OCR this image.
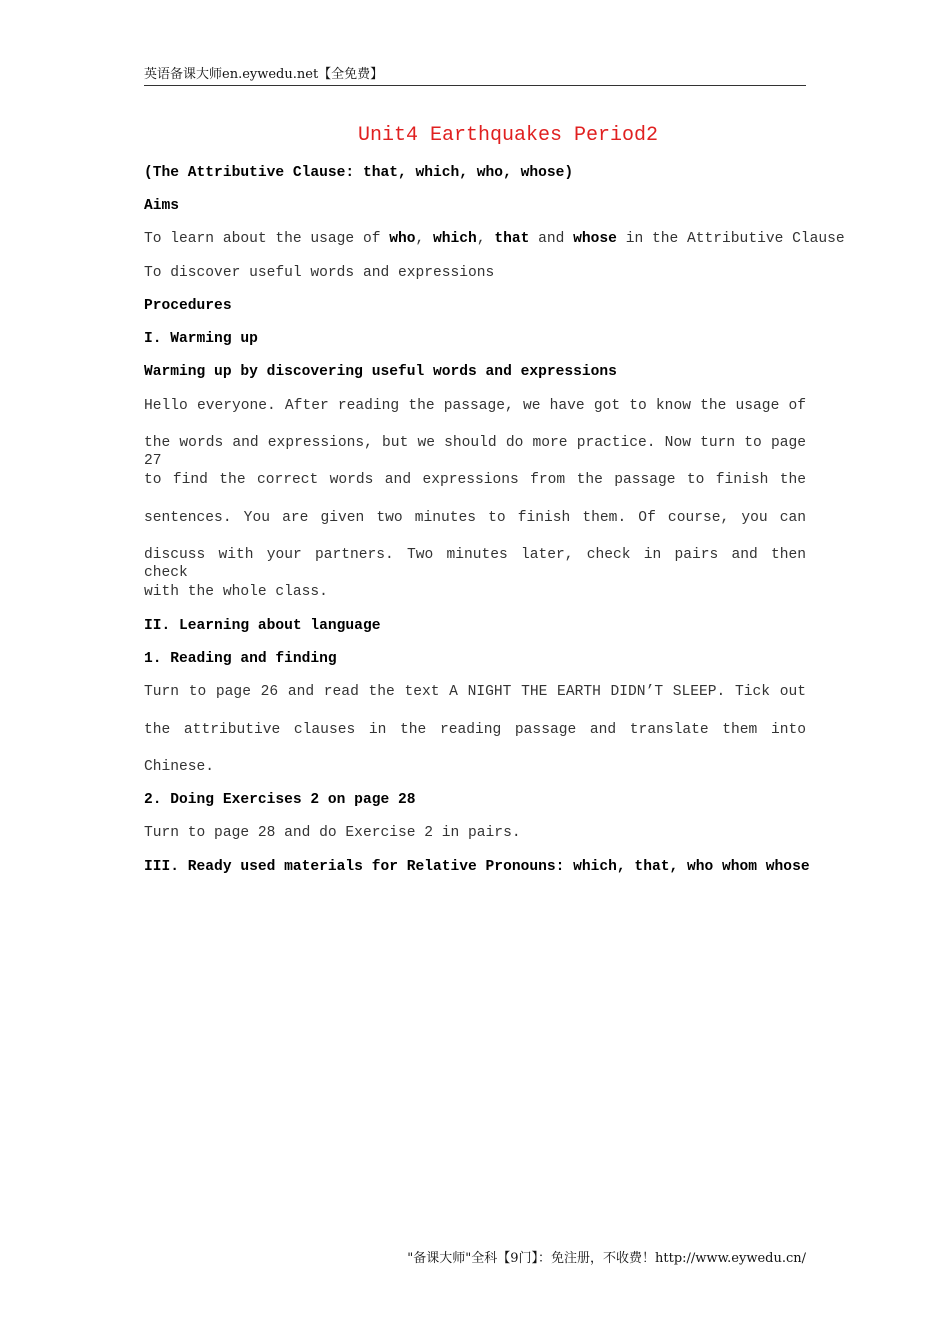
英语备课大师en.eywedu.net【全免费】
Unit4 Earthquakes Period2
(The Attributive Clause: that, which, who, whose)
Aims
To learn about the usage of who, which, that and whose in the Attributive Clause
To discover useful words and expressions
Procedures
I. Warming up
Warming up by discovering useful words and expressions
Hello everyone. After reading the passage, we have got to know the usage of
the words and expressions, but we should do more practice. Now turn to page 27
to find the correct words and expressions from the passage to finish the
sentences. You are given two minutes to finish them. Of course, you can
discuss with your partners. Two minutes later, check in pairs and then check
with the whole class.
II. Learning about language
1. Reading and finding
Turn to page 26 and read the text A NIGHT THE EARTH DIDN’T SLEEP. Tick out
the attributive clauses in the reading passage and translate them into
Chinese.
2. Doing Exercises 2 on page 28
Turn to page 28 and do Exercise 2 in pairs.
III. Ready used materials for Relative Pronouns: which, that, who whom whose
"备课大师"全科【9门】：免注册，不收费！http://www.eywedu.cn/
